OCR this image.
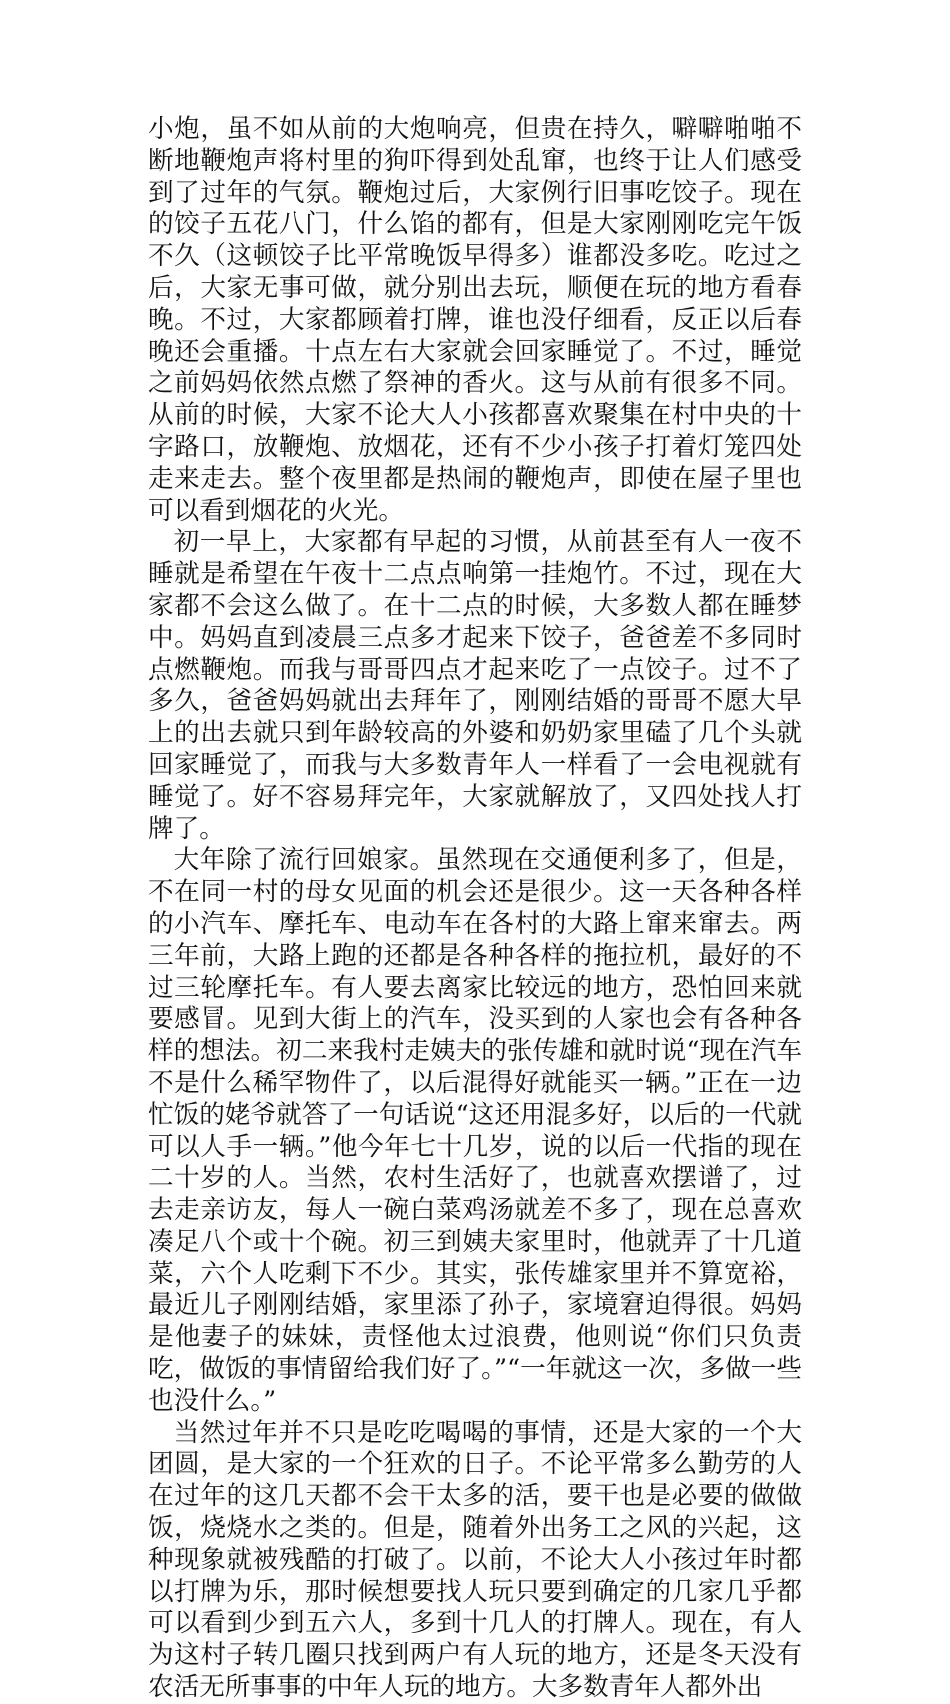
小炮，虽不如从前的大炮响亮，但贵在持久，噼噼啪啪不断地鞭炮声将村里的狗吓得到处乱窜，也终于让人们感受到了过年的气氛。鞭炮过后，大家例行旧事吃饺子。现在的饺子五花八门，什么馅的都有，但是大家刚刚吃完午饭不久（这顿饺子比平常晚饭早得多）谁都没多吃。吃过之后，大家无事可做，就分别出去玩，顺便在玩的地方看春晚。不过，大家都顾着打牌，谁也没仔细看，反正以后春晚还会重播。十点左右大家就会回家睡觉了。不过，睡觉之前妈妈依然点燃了祭神的香火。这与从前有很多不同。从前的时候，大家不论大人小孩都喜欢聚集在村中央的十字路口，放鞭炮、放烟花，还有不少小孩子打着灯笼四处走来走去。整个夜里都是热闹的鞭炮声，即使在屋子里也可以看到烟花的火光。

初一早上，大家都有早起的习惯，从前甚至有人一夜不睡就是希望在午夜十二点点响第一挂炮竹。不过，现在大家都不会这么做了。在十二点的时候，大多数人都在睡梦中。妈妈直到凌晨三点多才起来下饺子，爸爸差不多同时点燃鞭炮。而我与哥哥四点才起来吃了一点饺子。过不了多久，爸爸妈妈就出去拜年了，刚刚结婚的哥哥不愿大早上的出去就只到年龄较高的外婆和奶奶家里磕了几个头就回家睡觉了，而我与大多数青年人一样看了一会电视就有睡觉了。好不容易拜完年，大家就解放了，又四处找人打牌了。

大年除了流行回娘家。虽然现在交通便利多了，但是，不在同一村的母女见面的机会还是很少。这一天各种各样的小汽车、摩托车、电动车在各村的大路上窜来窜去。两三年前，大路上跑的还都是各种各样的拖拉机，最好的不过三轮摩托车。有人要去离家比较远的地方，恐怕回来就要感冒。见到大街上的汽车，没买到的人家也会有各种各样的想法。初二来我村走姨夫的张传雄和就时说“现在汽车不是什么稀罕物件了，以后混得好就能买一辆。”正在一边忙饭的姥爷就答了一句话说“这还用混多好，以后的一代就可以人手一辆。”他今年七十几岁，说的以后一代指的现在二十岁的人。当然，农村生活好了，也就喜欢摆谱了，过去走亲访友，每人一碗白菜鸡汤就差不多了，现在总喜欢凑足八个或十个碗。初三到姨夫家里时，他就弄了十几道菜，六个人吃剩下不少。其实，张传雄家里并不算宽裕，最近儿子刚刚结婚，家里添了孙子，家境窘迫得很。妈妈是他妻子的妹妹，责怪他太过浪费，他则说“你们只负责吃，做饭的事情留给我们好了。”“一年就这一次，多做一些也没什么。”

当然过年并不只是吃吃喝喝的事情，还是大家的一个大团圆，是大家的一个狂欢的日子。不论平常多么勤劳的人在过年的这几天都不会干太多的活，要干也是必要的做做饭，烧烧水之类的。但是，随着外出务工之风的兴起，这种现象就被残酷的打破了。以前，不论大人小孩过年时都以打牌为乐，那时候想要找人玩只要到确定的几家几乎都可以看到少到五六人，多到十几人的打牌人。现在，有人为这村子转几圈只找到两户有人玩的地方，还是冬天没有农活无所事事的中年人玩的地方。大多数青年人都外出
